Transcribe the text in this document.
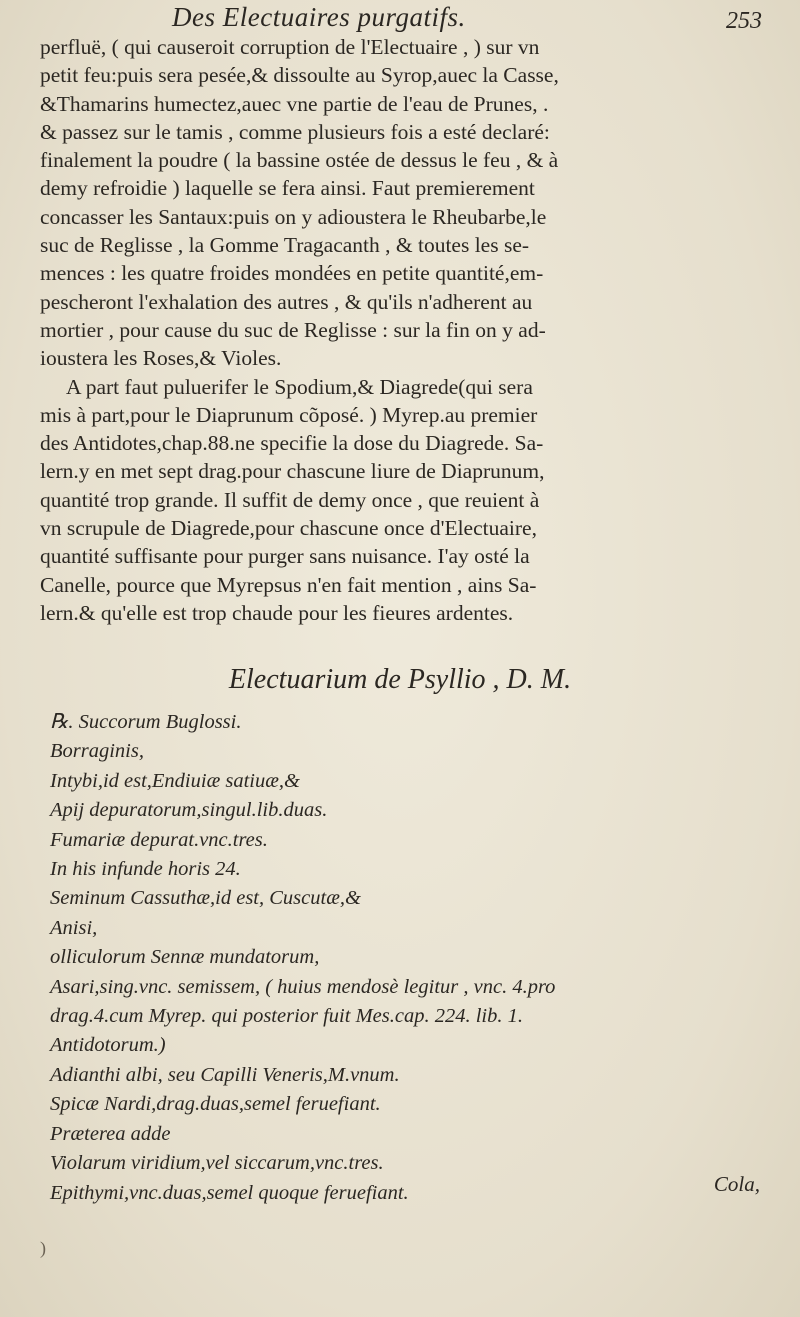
Des Electuaires purgatifs.	253
perfluë, ( qui causeroit corruption de l'Electuaire , ) sur vn
petit feu:puis sera pesée,& dissoulte au Syrop,auec la Casse,
&Thamarins humectez,auec vne partie de l'eau de Prunes, .
& passez sur le tamis , comme plusieurs fois a esté declaré:
finalement la poudre ( la bassine ostée de dessus le feu , & à
demy refroidie ) laquelle se fera ainsi. Faut premierement
concasser les Santaux:puis on y adioustera le Rheubarbe,le
suc de Reglisse , la Gomme Tragacanth , & toutes les se-
mences : les quatre froides mondées en petite quantité,em-
pescheront l'exhalation des autres , & qu'ils n'adherent au
mortier , pour cause du suc de Reglisse : sur la fin on y ad-
ioustera les Roses,& Violes.
A part faut puluerifer le Spodium,& Diagrede(qui sera
mis à part,pour le Diaprunum cõposé. ) Myrep.au premier
des Antidotes,chap.88.ne specifie la dose du Diagrede. Sa-
lern.y en met sept drag.pour chascune liure de Diaprunum,
quantité trop grande. Il suffit de demy once , que reuient à
vn scrupule de Diagrede,pour chascune once d'Electuaire,
quantité suffisante pour purger sans nuisance. I'ay osté la
Canelle, pource que Myrepsus n'en fait mention , ains Sa-
lern.& qu'elle est trop chaude pour les fieures ardentes.
Electuarium de Psyllio , D. M.
℞. Succorum Buglossi.
Borraginis,
Intybi,id est,Endiuiæ satiuæ,&
Apij depuratorum,singul.lib.duas.
Fumariæ depurat.vnc.tres.
In his infunde horis 24.
Seminum Cassuthæ,id est, Cuscutæ,&
Anisi,
olliculorum Sennæ mundatorum,
Asari,sing.vnc. semissem, ( huius mendosè legitur , vnc. 4.pro
drag.4.cum Myrep. qui posterior fuit Mes.cap. 224. lib. 1.
Antidotorum.)
Adianthi albi, seu Capilli Veneris,M.vnum.
Spicæ Nardi,drag.duas,semel feruefiant.
Præterea adde
Violarum viridium,vel siccarum,vnc.tres.
Epithymi,vnc.duas,semel quoque feruefiant.	Cola,
)
